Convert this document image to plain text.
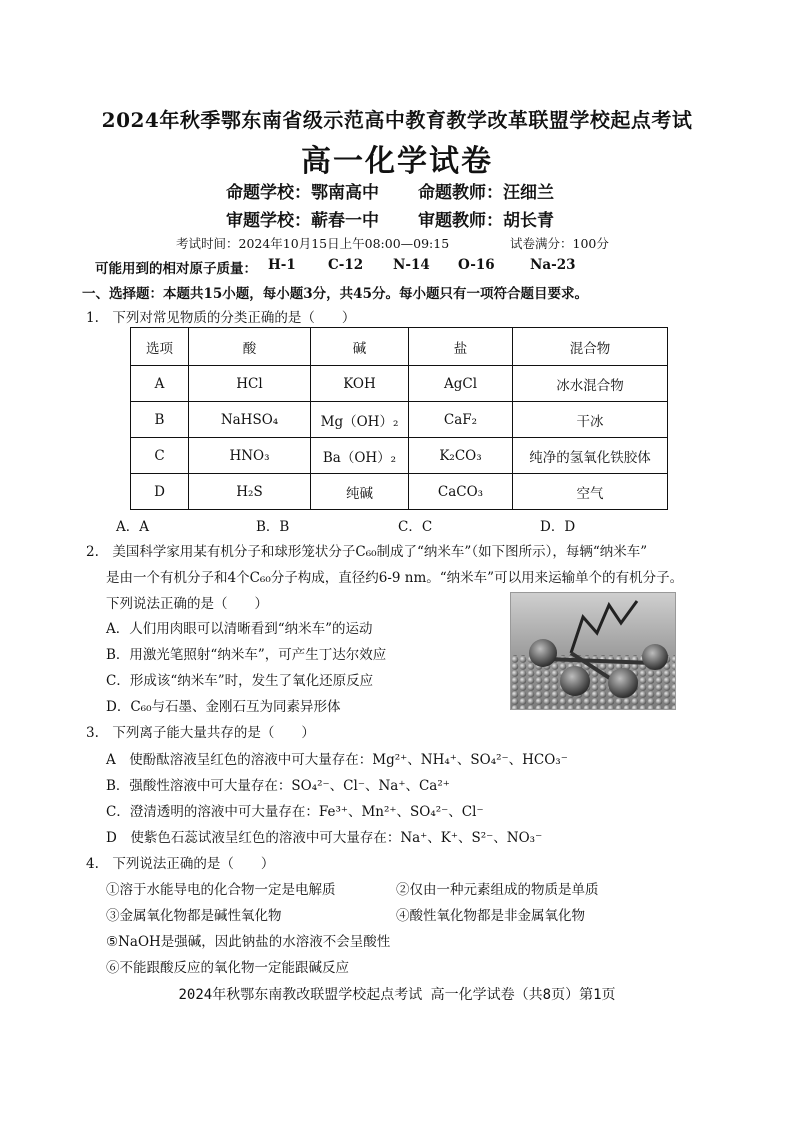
2024年秋季鄂东南省级示范高中教育教学改革联盟学校起点考试
高一化学试卷
命题学校：鄂南高中 命题教师：汪细兰
审题学校：蕲春一中 审题教师：胡长青
考试时间：2024年10月15日上午08:00—09:15	试卷满分：100分
可能用到的相对原子质量： H-1 C-12 N-14 O-16	Na-23
一、选择题：本题共15小题，每小题3分，共45分。每小题只有一项符合题目要求。
1.　下列对常见物质的分类正确的是（　　）
选项	酸	碱	盐	混合物
A	HCl	KOH	AgCl	冰水混合物
B	NaHSO₄	Mg（OH）₂	CaF₂	干冰
C	HNO₃	Ba（OH）₂	K₂CO₃	纯净的氢氧化铁胶体
D	H₂S	纯碱	CaCO₃	空气
A．A	B．B	C．C	D．D
2.　美国科学家用某有机分子和球形笼状分子C₆₀制成了“纳米车”（如下图所示），每辆“纳米车”
是由一个有机分子和4个C₆₀分子构成，直径约6-9 nm。“纳米车”可以用来运输单个的有机分子。
下列说法正确的是（　　）
A．人们用肉眼可以清晰看到“纳米车”的运动
B．用激光笔照射“纳米车”，可产生丁达尔效应
C．形成该“纳米车”时，发生了氧化还原反应
D．C₆₀与石墨、金刚石互为同素异形体
3.　下列离子能大量共存的是（　　）
A　使酚酞溶液呈红色的溶液中可大量存在：Mg²⁺、NH₄⁺、SO₄²⁻、HCO₃⁻
B．强酸性溶液中可大量存在：SO₄²⁻、Cl⁻、Na⁺、Ca²⁺
C．澄清透明的溶液中可大量存在：Fe³⁺、Mn²⁺、SO₄²⁻、Cl⁻
D　使紫色石蕊试液呈红色的溶液中可大量存在：Na⁺、K⁺、S²⁻、NO₃⁻
4.　下列说法正确的是（　　）
①溶于水能导电的化合物一定是电解质	②仅由一种元素组成的物质是单质
③金属氧化物都是碱性氧化物	④酸性氧化物都是非金属氧化物
⑤NaOH是强碱，因此钠盐的水溶液不会呈酸性
⑥不能跟酸反应的氧化物一定能跟碱反应
2024年秋鄂东南教改联盟学校起点考试 高一化学试卷（共8页）第1页
